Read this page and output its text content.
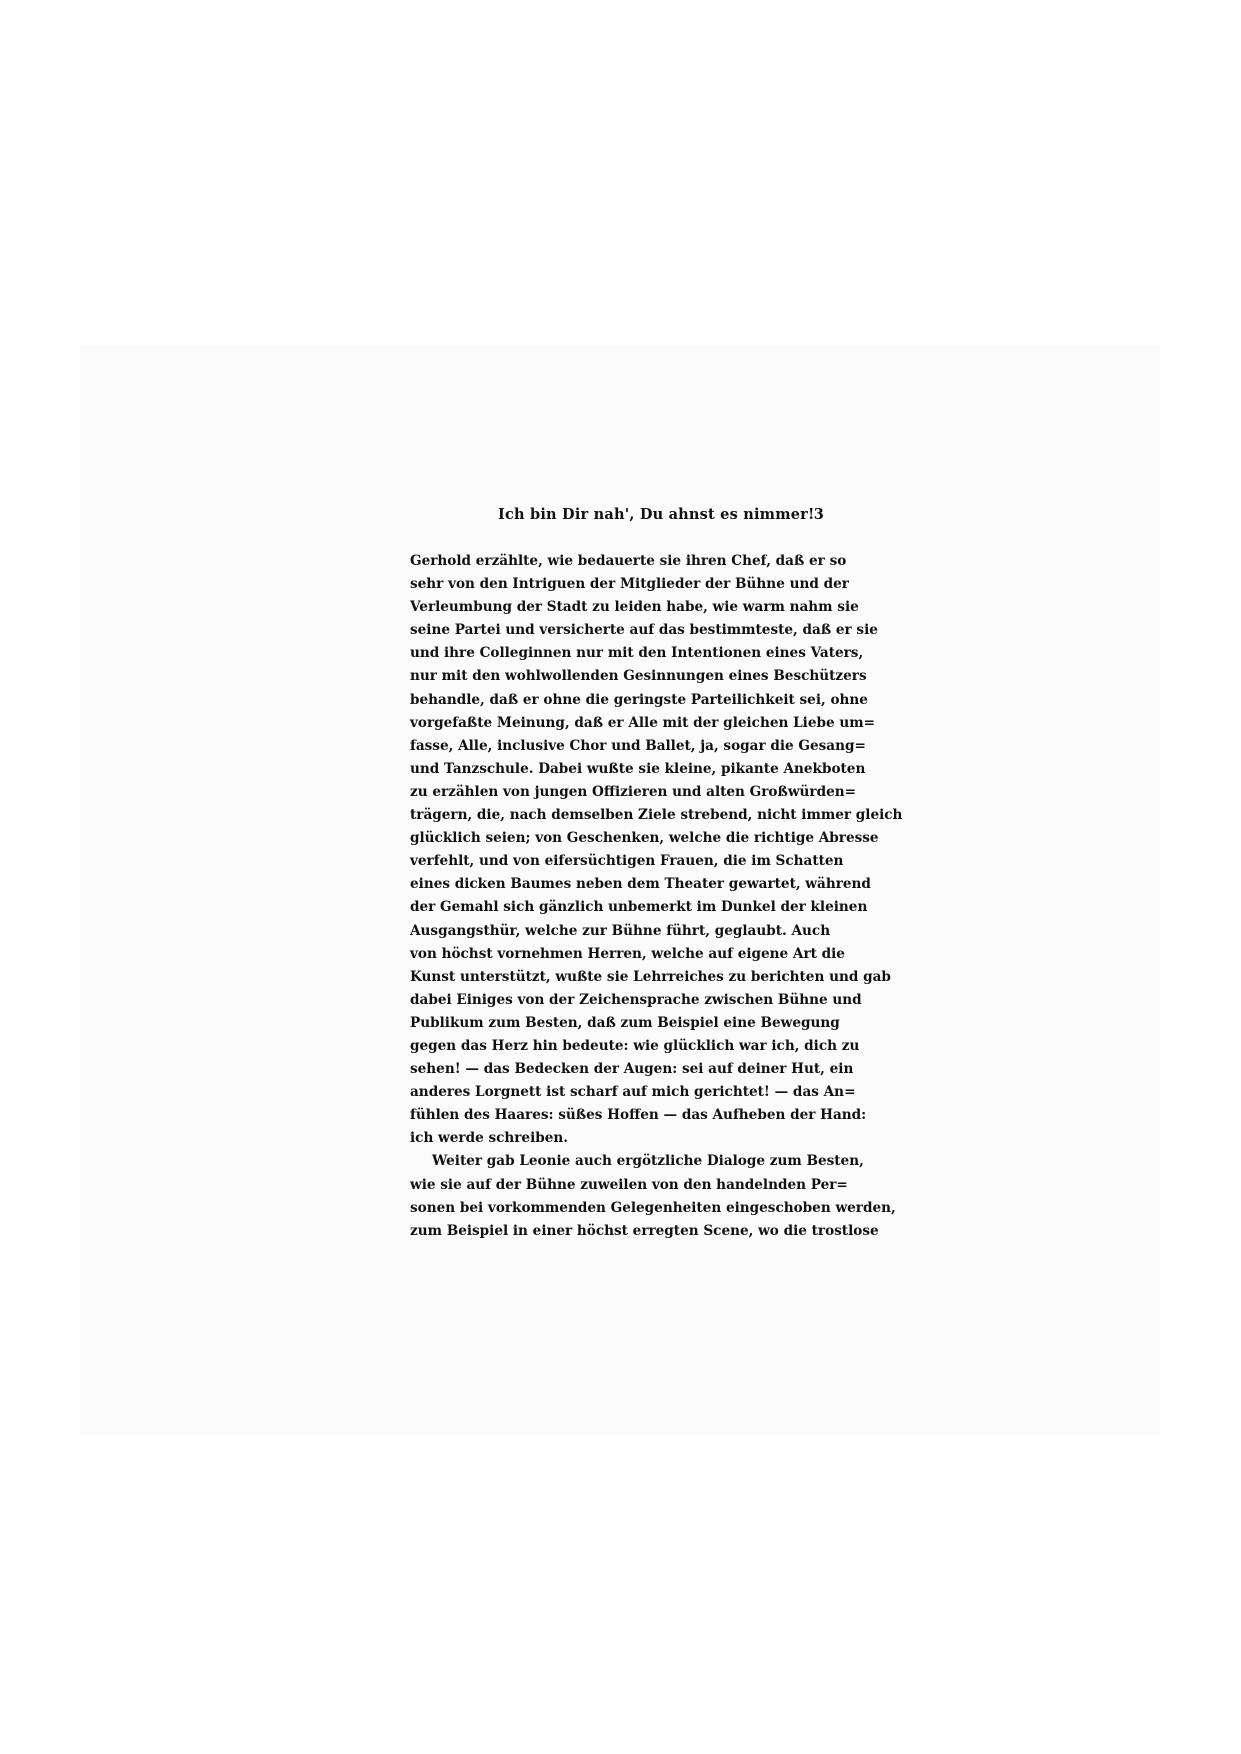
Ich bin Dir nah', Du ahnst es nimmer! 3
Gerhold erzählte, wie bedauerte sie ihren Chef, daß er so
sehr von den Intriguen der Mitglieder der Bühne und der
Verleumbung der Stadt zu leiden habe, wie warm nahm sie
seine Partei und versicherte auf das bestimmteste, daß er sie
und ihre Colleginnen nur mit den Intentionen eines Vaters,
nur mit den wohlwollenden Gesinnungen eines Beschützers
behandle, daß er ohne die geringste Parteilichkeit sei, ohne
vorgefaßte Meinung, daß er Alle mit der gleichen Liebe um=
fasse, Alle, inclusive Chor und Ballet, ja, sogar die Gesang=
und Tanzschule. Dabei wußte sie kleine, pikante Anekboten
zu erzählen von jungen Offizieren und alten Großwürden=
trägern, die, nach demselben Ziele strebend, nicht immer gleich
glücklich seien; von Geschenken, welche die richtige Abresse
verfehlt, und von eifersüchtigen Frauen, die im Schatten
eines dicken Baumes neben dem Theater gewartet, während
der Gemahl sich gänzlich unbemerkt im Dunkel der kleinen
Ausgangsthür, welche zur Bühne führt, geglaubt. Auch
von höchst vornehmen Herren, welche auf eigene Art die
Kunst unterstützt, wußte sie Lehrreiches zu berichten und gab
dabei Einiges von der Zeichensprache zwischen Bühne und
Publikum zum Besten, daß zum Beispiel eine Bewegung
gegen das Herz hin bedeute: wie glücklich war ich, dich zu
sehen! — das Bedecken der Augen: sei auf deiner Hut, ein
anderes Lorgnett ist scharf auf mich gerichtet! — das An=
fühlen des Haares: süßes Hoffen — das Aufheben der Hand:
ich werde schreiben.
Weiter gab Leonie auch ergötzliche Dialoge zum Besten,
wie sie auf der Bühne zuweilen von den handelnden Per=
sonen bei vorkommenden Gelegenheiten eingeschoben werden,
zum Beispiel in einer höchst erregten Scene, wo die trostlose
